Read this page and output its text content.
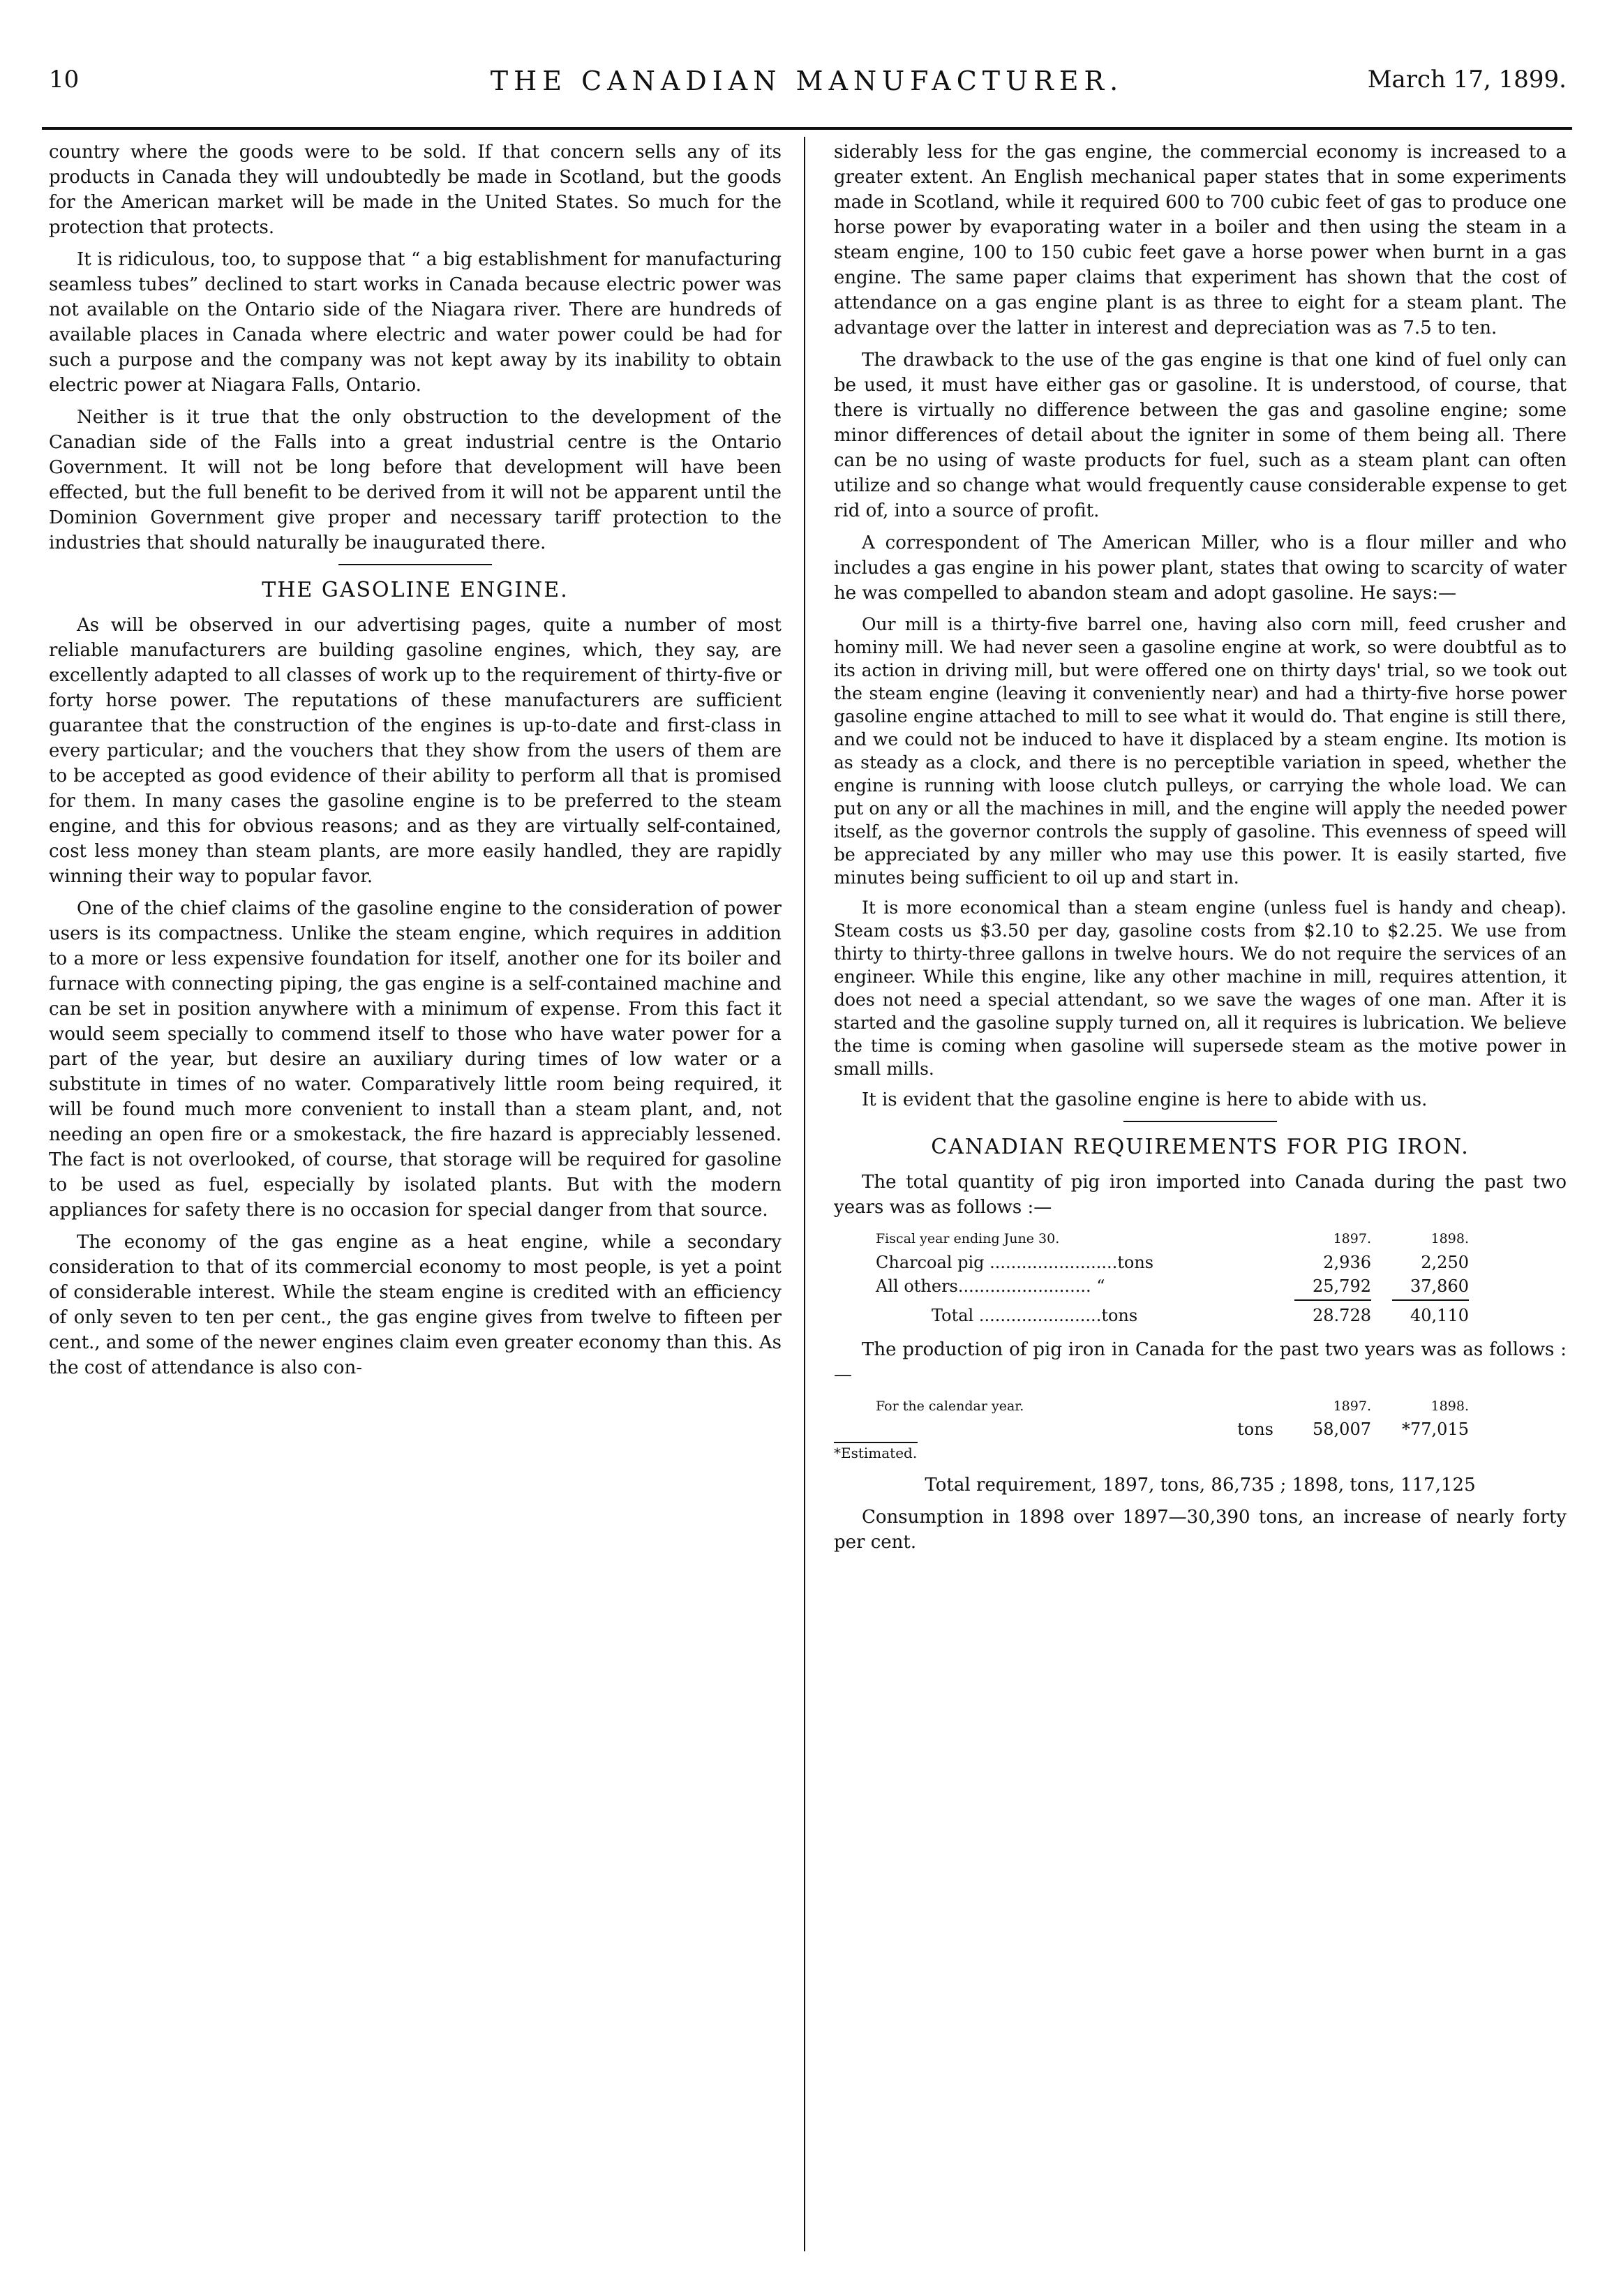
10	THE CANADIAN MANUFACTURER.	March 17, 1899.

country where the goods were to be sold. If that concern sells any of its products in Canada they will undoubtedly be made in Scotland, but the goods for the American market will be made in the United States. So much for the protection that protects.

It is ridiculous, too, to suppose that “ a big establishment for manufacturing seamless tubes” declined to start works in Canada because electric power was not available on the Ontario side of the Niagara river. There are hundreds of available places in Canada where electric and water power could be had for such a purpose and the company was not kept away by its inability to obtain electric power at Niagara Falls, Ontario.

Neither is it true that the only obstruction to the development of the Canadian side of the Falls into a great industrial centre is the Ontario Government. It will not be long before that development will have been effected, but the full benefit to be derived from it will not be apparent until the Dominion Government give proper and necessary tariff protection to the industries that should naturally be inaugurated there.

THE GASOLINE ENGINE.

As will be observed in our advertising pages, quite a number of most reliable manufacturers are building gasoline engines, which, they say, are excellently adapted to all classes of work up to the requirement of thirty-five or forty horse power. The reputations of these manufacturers are sufficient guarantee that the construction of the engines is up-to-date and first-class in every particular; and the vouchers that they show from the users of them are to be accepted as good evidence of their ability to perform all that is promised for them. In many cases the gasoline engine is to be preferred to the steam engine, and this for obvious reasons; and as they are virtually self-contained, cost less money than steam plants, are more easily handled, they are rapidly winning their way to popular favor.

One of the chief claims of the gasoline engine to the consideration of power users is its compactness. Unlike the steam engine, which requires in addition to a more or less expensive foundation for itself, another one for its boiler and furnace with connecting piping, the gas engine is a self-contained machine and can be set in position anywhere with a minimum of expense. From this fact it would seem specially to commend itself to those who have water power for a part of the year, but desire an auxiliary during times of low water or a substitute in times of no water. Comparatively little room being required, it will be found much more convenient to install than a steam plant, and, not needing an open fire or a smokestack, the fire hazard is appreciably lessened. The fact is not overlooked, of course, that storage will be required for gasoline to be used as fuel, especially by isolated plants. But with the modern appliances for safety there is no occasion for special danger from that source.

The economy of the gas engine as a heat engine, while a secondary consideration to that of its commercial economy to most people, is yet a point of considerable interest. While the steam engine is credited with an efficiency of only seven to ten per cent., the gas engine gives from twelve to fifteen per cent., and some of the newer engines claim even greater economy than this. As the cost of attendance is also con-

siderably less for the gas engine, the commercial economy is increased to a greater extent. An English mechanical paper states that in some experiments made in Scotland, while it required 600 to 700 cubic feet of gas to produce one horse power by evaporating water in a boiler and then using the steam in a steam engine, 100 to 150 cubic feet gave a horse power when burnt in a gas engine. The same paper claims that experiment has shown that the cost of attendance on a gas engine plant is as three to eight for a steam plant. The advantage over the latter in interest and depreciation was as 7.5 to ten.

The drawback to the use of the gas engine is that one kind of fuel only can be used, it must have either gas or gasoline. It is understood, of course, that there is virtually no difference between the gas and gasoline engine; some minor differences of detail about the igniter in some of them being all. There can be no using of waste products for fuel, such as a steam plant can often utilize and so change what would frequently cause considerable expense to get rid of, into a source of profit.

A correspondent of The American Miller, who is a flour miller and who includes a gas engine in his power plant, states that owing to scarcity of water he was compelled to abandon steam and adopt gasoline. He says:—

Our mill is a thirty-five barrel one, having also corn mill, feed crusher and hominy mill. We had never seen a gasoline engine at work, so were doubtful as to its action in driving mill, but were offered one on thirty days' trial, so we took out the steam engine (leaving it conveniently near) and had a thirty-five horse power gasoline engine attached to mill to see what it would do. That engine is still there, and we could not be induced to have it displaced by a steam engine. Its motion is as steady as a clock, and there is no perceptible variation in speed, whether the engine is running with loose clutch pulleys, or carrying the whole load. We can put on any or all the machines in mill, and the engine will apply the needed power itself, as the governor controls the supply of gasoline. This evenness of speed will be appreciated by any miller who may use this power. It is easily started, five minutes being sufficient to oil up and start in.

It is more economical than a steam engine (unless fuel is handy and cheap). Steam costs us $3.50 per day, gasoline costs from $2.10 to $2.25. We use from thirty to thirty-three gallons in twelve hours. We do not require the services of an engineer. While this engine, like any other machine in mill, requires attention, it does not need a special attendant, so we save the wages of one man. After it is started and the gasoline supply turned on, all it requires is lubrication. We believe the time is coming when gasoline will supersede steam as the motive power in small mills.

It is evident that the gasoline engine is here to abide with us.

CANADIAN REQUIREMENTS FOR PIG IRON.

The total quantity of pig iron imported into Canada during the past two years was as follows :—

Fiscal year ending June 30.	1897.	1898.
Charcoal pig ........................tons	2,936	2,250
All others......................... “	25,792	37,860
Total .......................tons	28.728	40,110

The production of pig iron in Canada for the past two years was as follows :—

For the calendar year.	1897.	1898.
tons	58,007	*77,015
*Estimated.

Total requirement, 1897, tons, 86,735 ; 1898, tons, 117,125

Consumption in 1898 over 1897—30,390 tons, an increase of nearly forty per cent.
